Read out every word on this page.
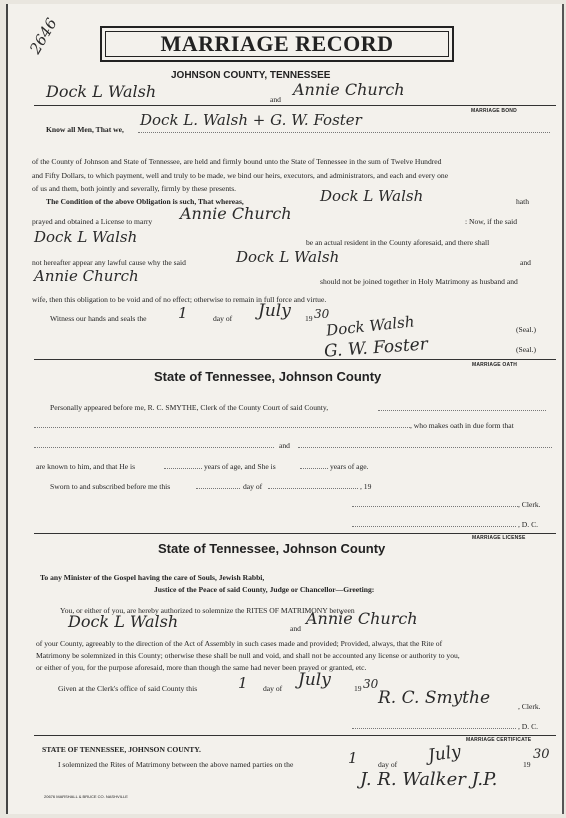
2646	MARRIAGE RECORD
JOHNSON COUNTY, TENNESSEE
Dock L Walsh	and
Annie Church
MARRIAGE BOND
Know all Men, That we,
Dock L. Walsh + G. W. Foster
of the County of Johnson and State of Tennessee, are held and firmly bound unto the State of Tennessee in the sum of Twelve Hundred
and Fifty Dollars, to which payment, well and truly to be made, we bind our heirs, executors, and administrators, and each and every one
of us and them, both jointly and severally, firmly by these presents.
The Condition of the above Obligation is such, That whereas,	Dock L Walsh	hath
prayed and obtained a License to marry Annie Church	: Now, if the said
Dock L Walsh	be an actual resident in the County aforesaid, and there shall
not hereafter appear any lawful cause why the said	Dock L Walsh	and
Annie Church	should not be joined together in Holy Matrimony as husband and
wife, then this obligation to be void and of no effect; otherwise to remain in full force and virtue.
Witness our hands and seals the 1	day of July 19 30
Dock Walsh	(Seal.)
G. W. Foster	(Seal.)
MARRIAGE OATH
State of Tennessee, Johnson County
Personally appeared before me, R. C. SMYTHE, Clerk of the County Court of said County,
, who makes oath in due form that
and
are known to him, and that He is	years of age, and She is	years of age.
Sworn to and subscribed before me this	day of	, 19
, Clerk.
, D. C.
MARRIAGE LICENSE
State of Tennessee, Johnson County
To any Minister of the Gospel having the care of Souls, Jewish Rabbi,
Justice of the Peace of said County, Judge or Chancellor—Greeting:
You, or either of you, are hereby authorized to solemnize the RITES OF MATRIMONY between
Dock L Walsh	and
Annie Church
of your County, agreeably to the direction of the Act of Assembly in such cases made and provided; Provided, always, that the Rite of
Matrimony be solemnized in this County; otherwise these shall be null and void, and shall not be accounted any license or authority to you,
or either of you, for the purpose aforesaid, more than though the same had never been prayed or granted, etc.
Given at the Clerk's office of said County this	1 day of July	19 30
R. C. Smythe	, Clerk.
, D. C.
MARRIAGE CERTIFICATE
STATE OF TENNESSEE, JOHNSON COUNTY.
I solemnized the Rites of Matrimony between the above named parties on the	1	day of July	19
30
J. R. Walker J.P.
20676 MARSHALL & BRUCE CO. NASHVILLE
